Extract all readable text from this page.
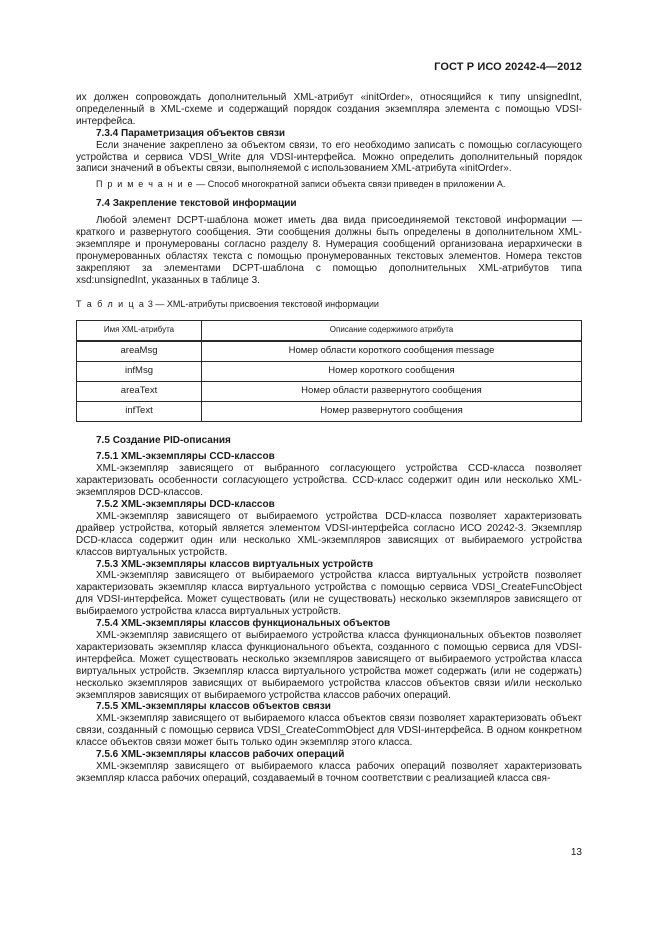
ГОСТ Р ИСО 20242-4—2012

их должен сопровождать дополнительный XML-атрибут «initOrder», относящийся к типу unsignedInt, определенный в XML-схеме и содержащий порядок создания экземпляра элемента с помощью VDSI-интерфейса.

7.3.4 Параметризация объектов связи

Если значение закреплено за объектом связи, то его необходимо записать с помощью согласующего устройства и сервиса VDSI_Write для VDSI-интерфейса. Можно определить дополнительный порядок записи значений в объекты связи, выполняемой с использованием XML-атрибута «initOrder».

П р и м е ч а н и е — Способ многократной записи объекта связи приведен в приложении А.

7.4 Закрепление текстовой информации

Любой элемент DCPT-шаблона может иметь два вида присоединяемой текстовой информации — краткого и развернутого сообщения. Эти сообщения должны быть определены в дополнительном XML-экземпляре и пронумерованы согласно разделу 8. Нумерация сообщений организована иерархически в пронумерованных областях текста с помощью пронумерованных текстовых элементов. Номера текстов закрепляют за элементами DCPT-шаблона с помощью дополнительных XML-атрибутов типа xsd:unsignedInt, указанных в таблице 3.

Т а б л и ц а 3 — XML-атрибуты присвоения текстовой информации

Имя XML-атрибута	Описание содержимого атрибута
areaMsg	Номер области короткого сообщения message
infMsg	Номер короткого сообщения
areaText	Номер области развернутого сообщения
infText	Номер развернутого сообщения

7.5 Создание PID-описания

7.5.1 XML-экземпляры CCD-классов

XML-экземпляр зависящего от выбранного согласующего устройства CCD-класса позволяет характеризовать особенности согласующего устройства. CCD-класс содержит один или несколько XML-экземпляров DCD-классов.

7.5.2 XML-экземпляры DCD-классов

XML-экземпляр зависящего от выбираемого устройства DCD-класса позволяет характеризовать драйвер устройства, который является элементом VDSI-интерфейса согласно ИСО 20242-3. Экземпляр DCD-класса содержит один или несколько XML-экземпляров зависящих от выбираемого устройства классов виртуальных устройств.

7.5.3 XML-экземпляры классов виртуальных устройств

XML-экземпляр зависящего от выбираемого устройства класса виртуальных устройств позволяет характеризовать экземпляр класса виртуального устройства с помощью сервиса VDSI_CreateFuncObject для VDSI-интерфейса. Может существовать (или не существовать) несколько экземпляров зависящего от выбираемого устройства класса виртуальных устройств.

7.5.4 XML-экземпляры классов функциональных объектов

XML-экземпляр зависящего от выбираемого устройства класса функциональных объектов позволяет характеризовать экземпляр класса функционального объекта, созданного с помощью сервиса для VDSI-интерфейса. Может существовать несколько экземпляров зависящего от выбираемого устройства класса виртуальных устройств. Экземпляр класса виртуального устройства может содержать (или не содержать) несколько экземпляров зависящих от выбираемого устройства классов объектов связи и/или несколько экземпляров зависящих от выбираемого устройства классов рабочих операций.

7.5.5 XML-экземпляры классов объектов связи

XML-экземпляр зависящего от выбираемого класса объектов связи позволяет характеризовать объект связи, созданный с помощью сервиса VDSI_CreateCommObject для VDSI-интерфейса. В одном конкретном классе объектов связи может быть только один экземпляр этого класса.

7.5.6 XML-экземпляры классов рабочих операций

XML-экземпляр зависящего от выбираемого класса рабочих операций позволяет характеризовать экземпляр класса рабочих операций, создаваемый в точном соответствии с реализацией класса свя-

13
